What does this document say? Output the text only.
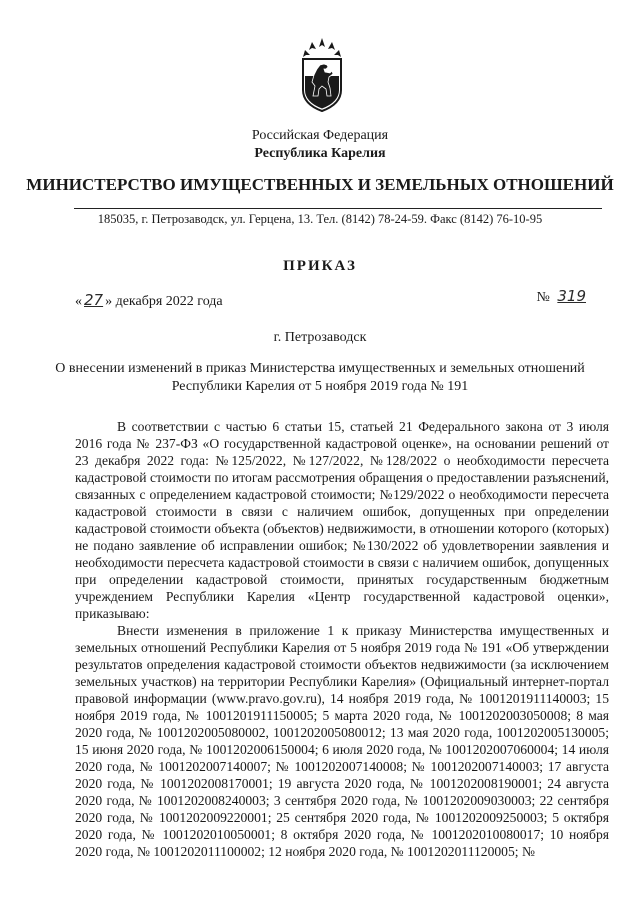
Российская Федерация
Республика Карелия
МИНИСТЕРСТВО ИМУЩЕСТВЕННЫХ И ЗЕМЕЛЬНЫХ ОТНОШЕНИЙ
185035, г. Петрозаводск, ул. Герцена, 13. Тел. (8142) 78-24-59. Факс (8142) 76-10-95
ПРИКАЗ
« 27 » декабря 2022 года	№ 319
г. Петрозаводск
О внесении изменений в приказ Министерства имущественных и земельных отношений
Республики Карелия от 5 ноября 2019 года № 191

В соответствии с частью 6 статьи 15, статьей 21 Федерального закона от 3 июля 2016 года № 237-ФЗ «О государственной кадастровой оценке», на основании решений от 23 декабря 2022 года: №125/2022, №127/2022, №128/2022 о необходимости пересчета кадастровой стоимости по итогам рассмотрения обращения о предоставлении разъяснений, связанных с определением кадастровой стоимости; №129/2022 о необходимости пересчета кадастровой стоимости в связи с наличием ошибок, допущенных при определении кадастровой стоимости объекта (объектов) недвижимости, в отношении которого (которых) не подано заявление об исправлении ошибок; №130/2022 об удовлетворении заявления и необходимости пересчета кадастровой стоимости в связи с наличием ошибок, допущенных при определении кадастровой стоимости, принятых государственным бюджетным учреждением Республики Карелия «Центр государственной кадастровой оценки», приказываю:

Внести изменения в приложение 1 к приказу Министерства имущественных и земельных отношений Республики Карелия от 5 ноября 2019 года № 191 «Об утверждении результатов определения кадастровой стоимости объектов недвижимости (за исключением земельных участков) на территории Республики Карелия» (Официальный интернет-портал правовой информации (www.pravo.gov.ru), 14 ноября 2019 года, № 1001201911140003; 15 ноября 2019 года, № 1001201911150005; 5 марта 2020 года, № 1001202003050008; 8 мая 2020 года, № 1001202005080002, 1001202005080012; 13 мая 2020 года, 1001202005130005; 15 июня 2020 года, № 1001202006150004; 6 июля 2020 года, № 1001202007060004; 14 июля 2020 года, № 1001202007140007; № 1001202007140008; № 1001202007140003; 17 августа 2020 года, № 1001202008170001; 19 августа 2020 года, № 1001202008190001; 24 августа 2020 года, № 1001202008240003; 3 сентября 2020 года, № 1001202009030003; 22 сентября 2020 года, № 1001202009220001; 25 сентября 2020 года, № 1001202009250003; 5 октября 2020 года, № 1001202010050001; 8 октября 2020 года, № 1001202010080017; 10 ноября 2020 года, № 1001202011100002; 12 ноября 2020 года, № 1001202011120005; №
